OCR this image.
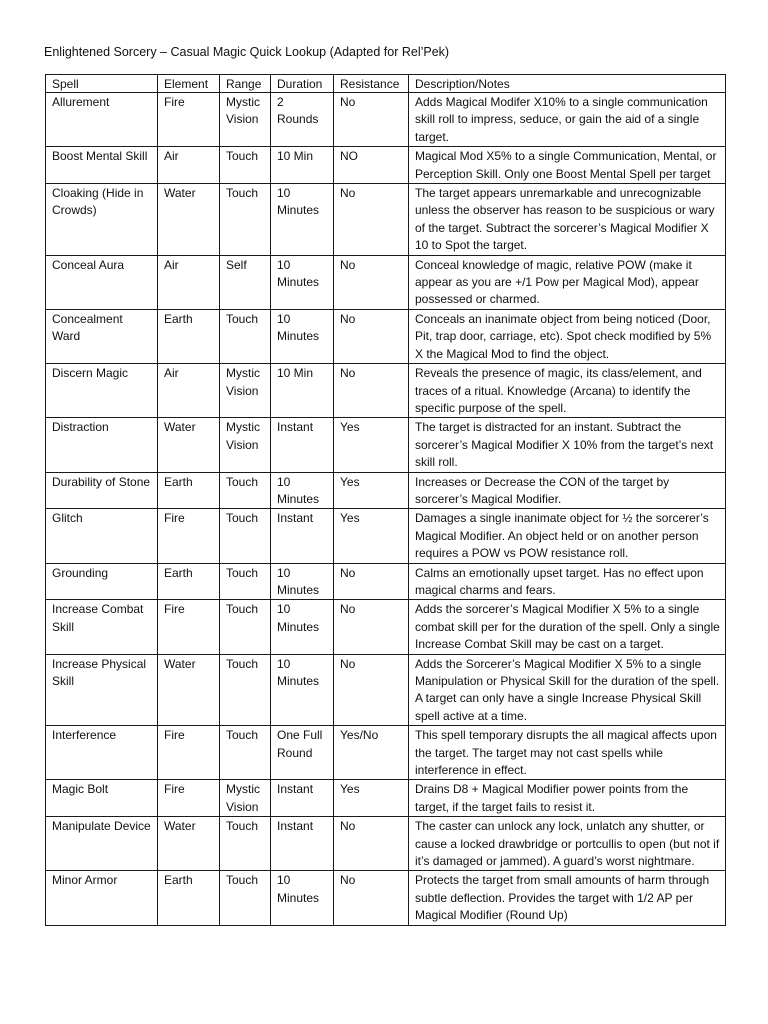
Enlightened Sorcery – Casual Magic Quick Lookup (Adapted for Rel’Pek)
Spell	Element	Range	Duration	Resistance	Description/Notes
Allurement	Fire	Mystic Vision	2 Rounds	No	Adds Magical Modifer X10% to a single communication skill roll to impress, seduce, or gain the aid of a single target.
Boost Mental Skill	Air	Touch	10 Min	NO	Magical Mod X5% to a single Communication, Mental, or Perception Skill. Only one Boost Mental Spell per target
Cloaking (Hide in Crowds)	Water	Touch	10 Minutes	No	The target appears unremarkable and unrecognizable unless the observer has reason to be suspicious or wary of the target. Subtract the sorcerer’s Magical Modifier X 10 to Spot the target.
Conceal Aura	Air	Self	10 Minutes	No	Conceal knowledge of magic, relative POW (make it appear as you are +/1 Pow per Magical Mod), appear possessed or charmed.
Concealment Ward	Earth	Touch	10 Minutes	No	Conceals an inanimate object from being noticed (Door, Pit, trap door, carriage, etc). Spot check modified by 5% X the Magical Mod to find the object.
Discern Magic	Air	Mystic Vision	10 Min	No	Reveals the presence of magic, its class/element, and traces of a ritual. Knowledge (Arcana) to identify the specific purpose of the spell.
Distraction	Water	Mystic Vision	Instant	Yes	The target is distracted for an instant. Subtract the sorcerer’s Magical Modifier X 10% from the target’s next skill roll.
Durability of Stone	Earth	Touch	10 Minutes	Yes	Increases or Decrease the CON of the target by sorcerer’s Magical Modifier.
Glitch	Fire	Touch	Instant	Yes	Damages a single inanimate object for ½ the sorcerer’s Magical Modifier. An object held or on another person requires a POW vs POW resistance roll.
Grounding	Earth	Touch	10 Minutes	No	Calms an emotionally upset target. Has no effect upon magical charms and fears.
Increase Combat Skill	Fire	Touch	10 Minutes	No	Adds the sorcerer’s Magical Modifier X 5% to a single combat skill per for the duration of the spell. Only a single Increase Combat Skill may be cast on a target.
Increase Physical Skill	Water	Touch	10 Minutes	No	Adds the Sorcerer’s Magical Modifier X 5% to a single Manipulation or Physical Skill for the duration of the spell. A target can only have a single Increase Physical Skill spell active at a time.
Interference	Fire	Touch	One Full Round	Yes/No	This spell temporary disrupts the all magical affects upon the target. The target may not cast spells while interference in effect.
Magic Bolt	Fire	Mystic Vision	Instant	Yes	Drains D8 + Magical Modifier power points from the target, if the target fails to resist it.
Manipulate Device	Water	Touch	Instant	No	The caster can unlock any lock, unlatch any shutter, or cause a locked drawbridge or portcullis to open (but not if it’s damaged or jammed). A guard’s worst nightmare.
Minor Armor	Earth	Touch	10 Minutes	No	Protects the target from small amounts of harm through subtle deflection. Provides the target with 1/2 AP per Magical Modifier (Round Up)
